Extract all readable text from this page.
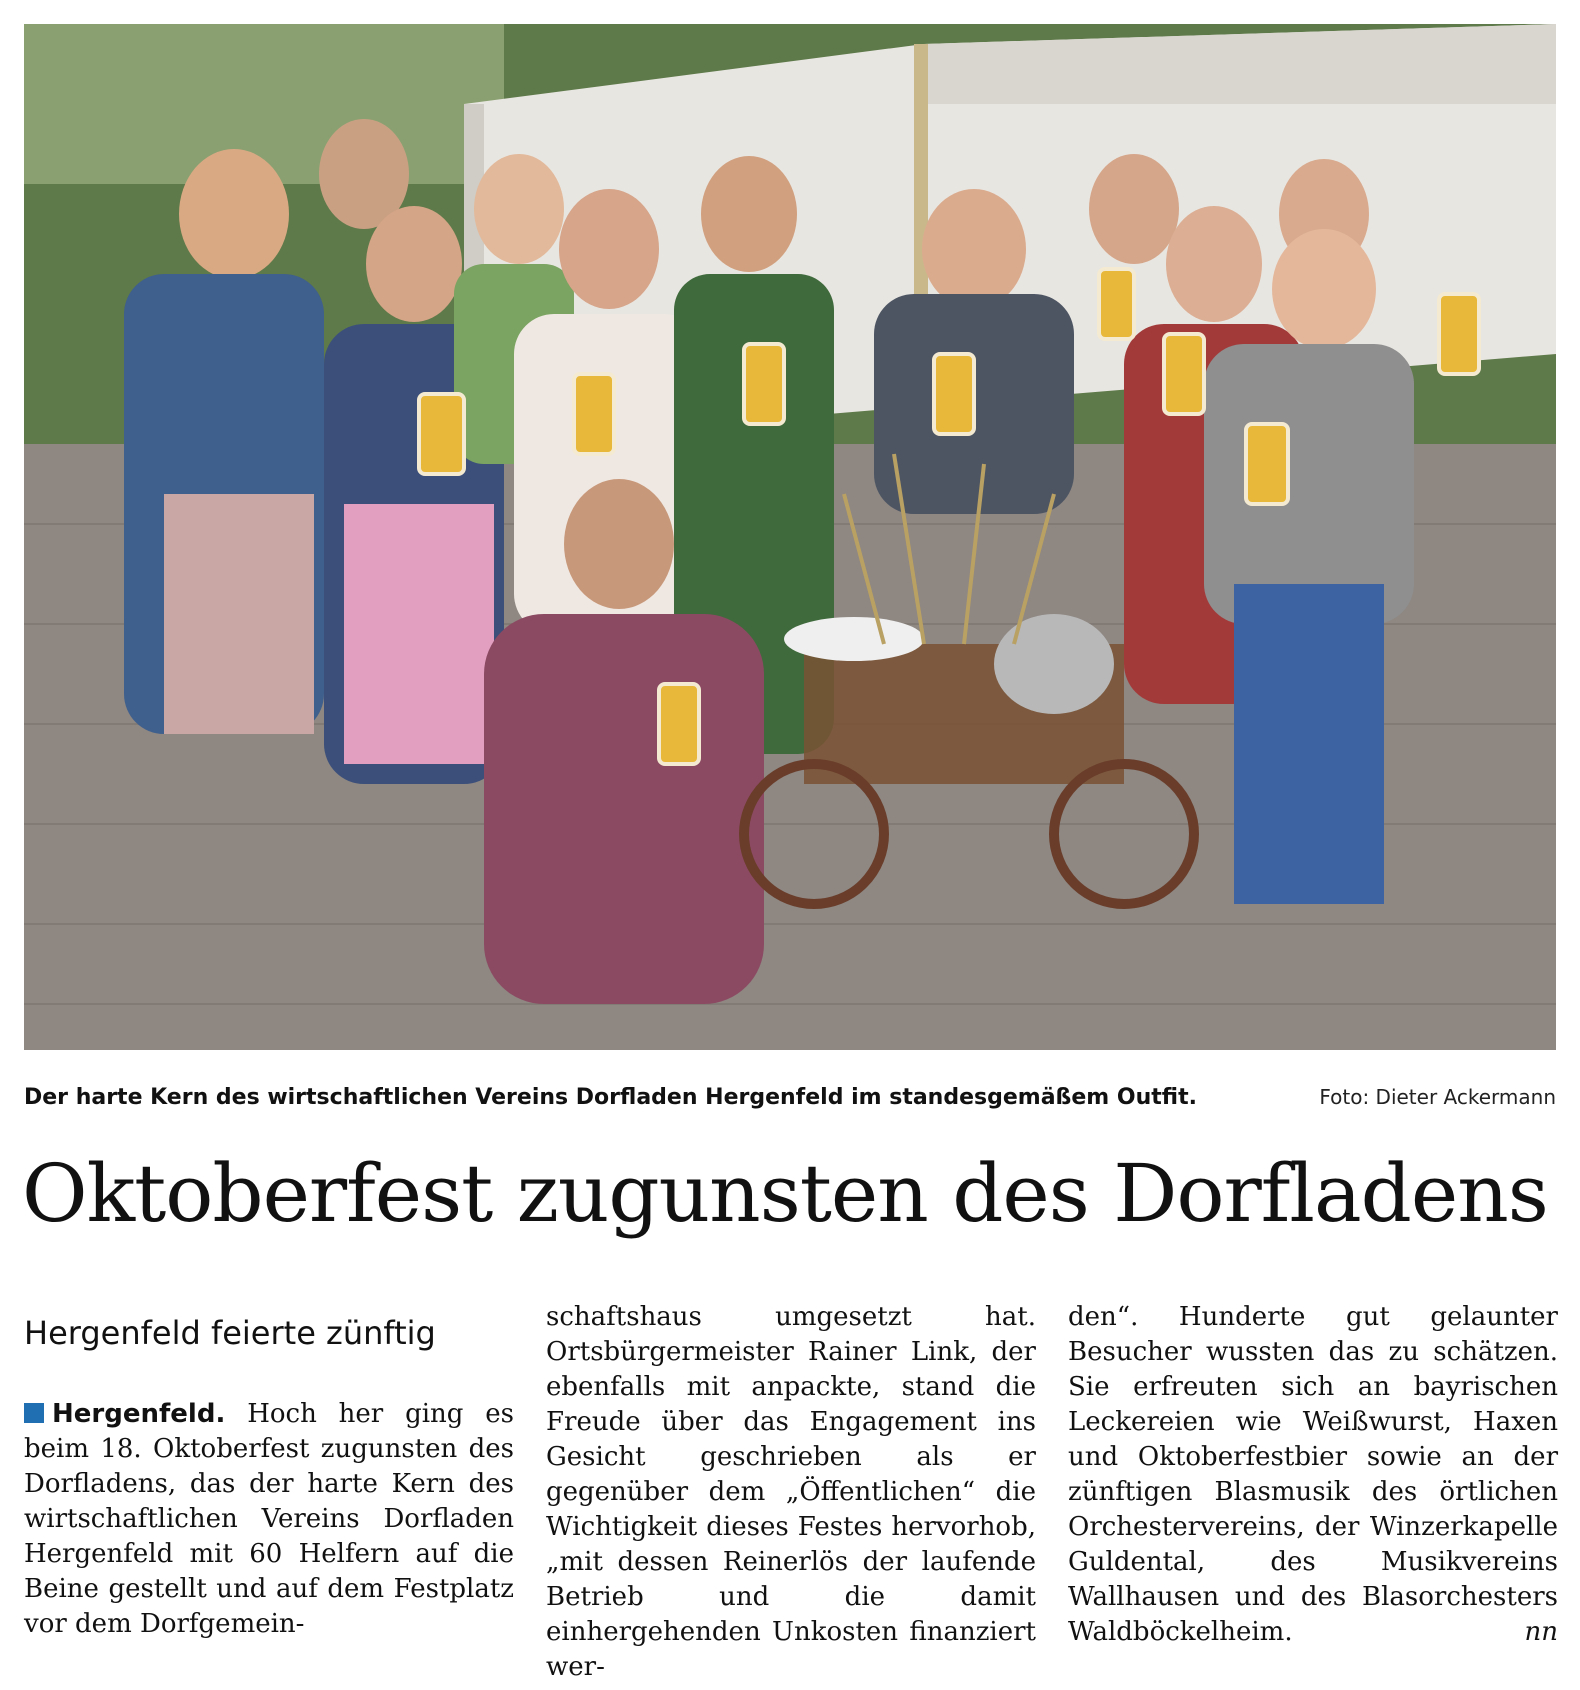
Der harte Kern des wirtschaftlichen Vereins Dorfladen Hergenfeld im standesgemäßem Outfit.	Foto: Dieter Ackermann
Oktoberfest zugunsten des Dorfladens
Hergenfeld feierte zünftig

Hergenfeld. Hoch her ging es beim 18. Oktoberfest zugunsten des Dorfladens, das der harte Kern des wirtschaftlichen Vereins Dorfladen Hergenfeld mit 60 Helfern auf die Beine gestellt und auf dem Festplatz vor dem Dorfgemein-

schaftshaus umgesetzt hat. Ortsbürgermeister Rainer Link, der ebenfalls mit anpackte, stand die Freude über das Engagement ins Gesicht geschrieben als er gegenüber dem „Öffentlichen“ die Wichtigkeit dieses Festes hervorhob, „mit dessen Reinerlös der laufende Betrieb und die damit einhergehenden Unkosten finanziert wer-

den“. Hunderte gut gelaunter Besucher wussten das zu schätzen. Sie erfreuten sich an bayrischen Leckereien wie Weißwurst, Haxen und Oktoberfestbier sowie an der zünftigen Blasmusik des örtlichen Orchestervereins, der Winzerkapelle Guldental, des Musikvereins Wallhausen und des Blasorchesters Waldböckelheim.	nn
